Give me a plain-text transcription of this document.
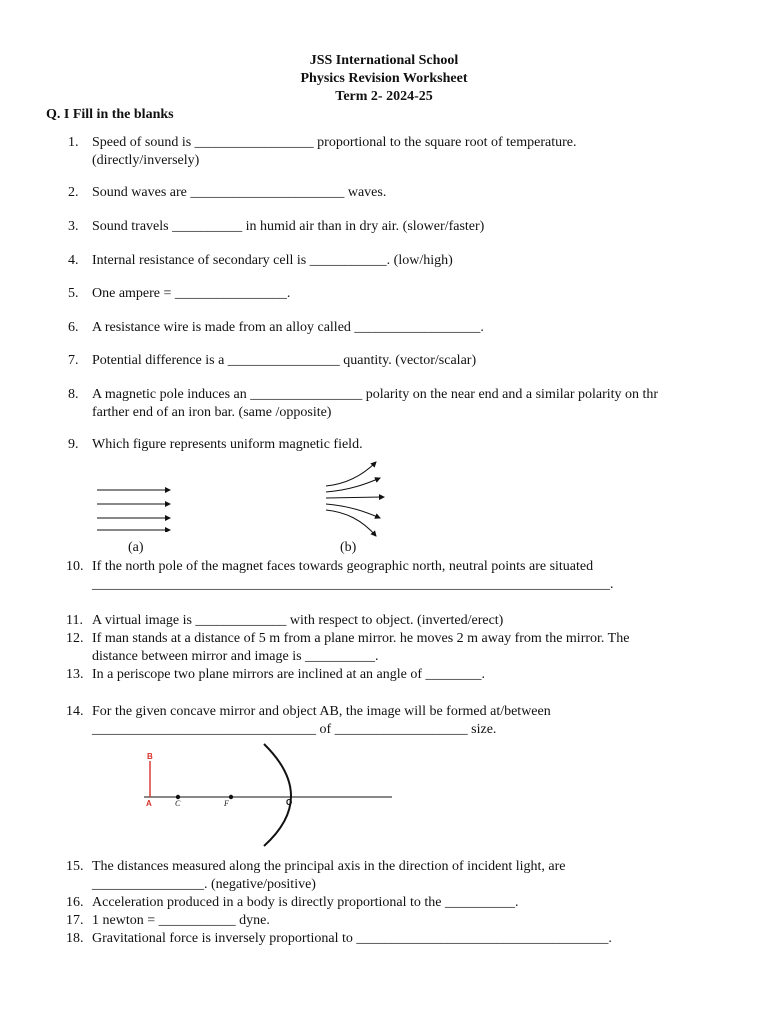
JSS International School
Physics Revision Worksheet
Term 2- 2024-25
Q. I Fill in the blanks
1. Speed of sound is _________________ proportional to the square root of temperature.
(directly/inversely)
2. Sound waves are ______________________ waves.
3. Sound travels __________ in humid air than in dry air. (slower/faster)
4. Internal resistance of secondary cell is ___________. (low/high)
5. One ampere = ________________.
6. A resistance wire is made from an alloy called __________________.
7. Potential difference is a ________________ quantity. (vector/scalar)
8. A magnetic pole induces an ________________ polarity on the near end and a similar polarity on thr
farther end of an iron bar. (same /opposite)
9. Which figure represents uniform magnetic field.
(a)	(b)
10. If the north pole of the magnet faces towards geographic north, neutral points are situated
__________________________________________________________________________.
11. A virtual image is _____________ with respect to object. (inverted/erect)
12. If man stands at a distance of 5 m from a plane mirror. he moves 2 m away from the mirror. The
distance between mirror and image is __________.
13. In a periscope two plane mirrors are inclined at an angle of ________.
14. For the given concave mirror and object AB, the image will be formed at/between
________________________________ of ___________________ size.
B
A	C	F	O
15. The distances measured along the principal axis in the direction of incident light, are
________________. (negative/positive)
16. Acceleration produced in a body is directly proportional to the __________.
17. 1 newton = ___________ dyne.
18. Gravitational force is inversely proportional to ____________________________________.
